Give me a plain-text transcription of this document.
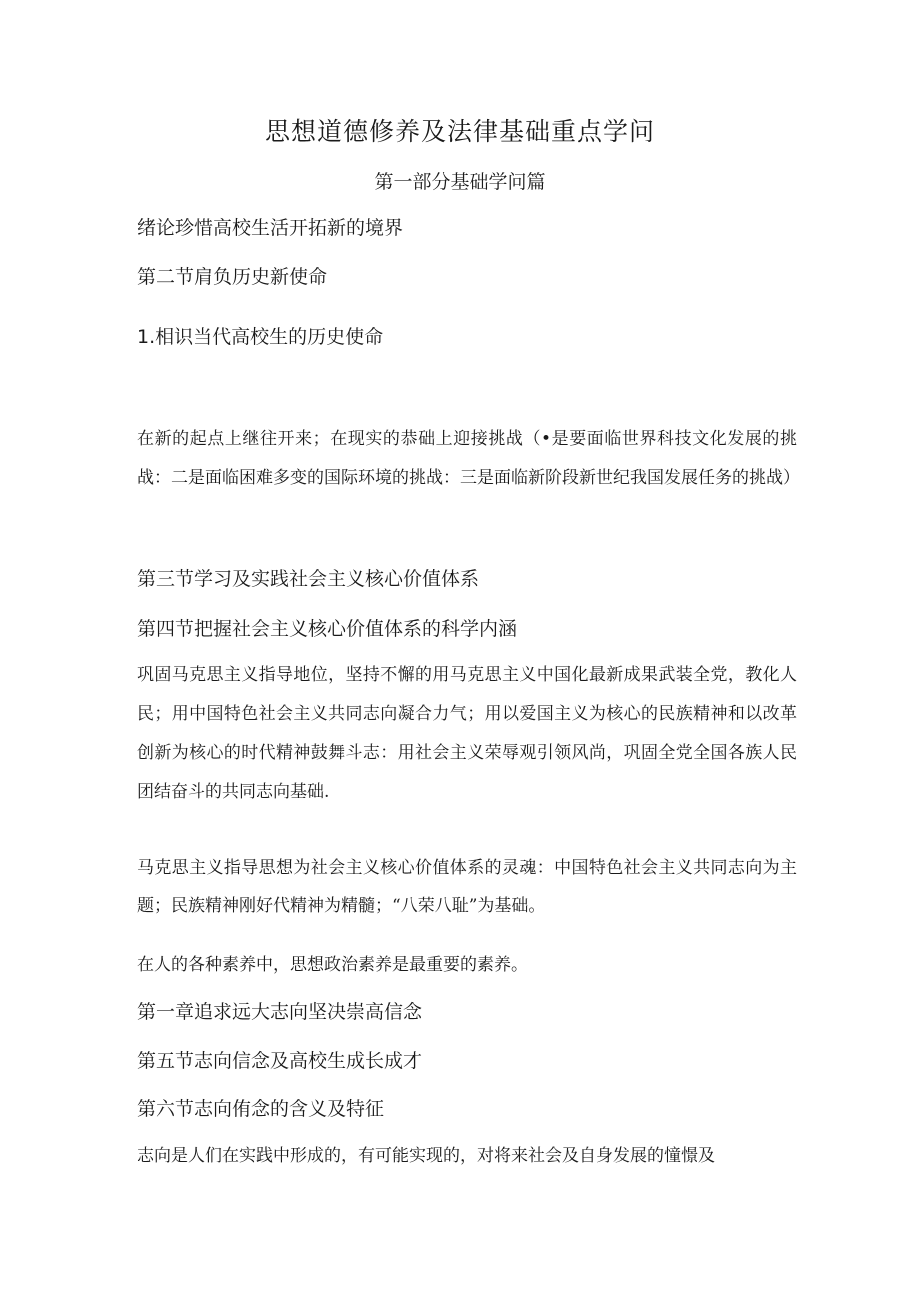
思想道德修养及法律基础重点学问
第一部分基础学问篇
绪论珍惜高校生活开拓新的境界
第二节肩负历史新使命
1.相识当代高校生的历史使命
在新的起点上继往开来；在现实的恭础上迎接挑战（•是要面临世界科技文化发展的挑战：二是面临困难多变的国际环境的挑战：三是面临新阶段新世纪我国发展任务的挑战）
第三节学习及实践社会主义核心价值体系
第四节把握社会主义核心价值体系的科学内涵
巩固马克思主义指导地位，坚持不懈的用马克思主义中国化最新成果武装全党，教化人民；用中国特色社会主义共同志向凝合力气；用以爱国主义为核心的民族精神和以改革创新为核心的时代精神鼓舞斗志：用社会主义荣辱观引领风尚，巩固全党全国各族人民团结奋斗的共同志向基础.
马克思主义指导思想为社会主义核心价值体系的灵魂：中国特色社会主义共同志向为主题；民族精神刚好代精神为精髓；“八荣八耻”为基础。
在人的各种素养中，思想政治素养是最重要的素养。
第一章追求远大志向坚决崇高信念
第五节志向信念及高校生成长成才
第六节志向侑念的含义及特征
志向是人们在实践中形成的，有可能实现的，对将来社会及自身发展的憧憬及
